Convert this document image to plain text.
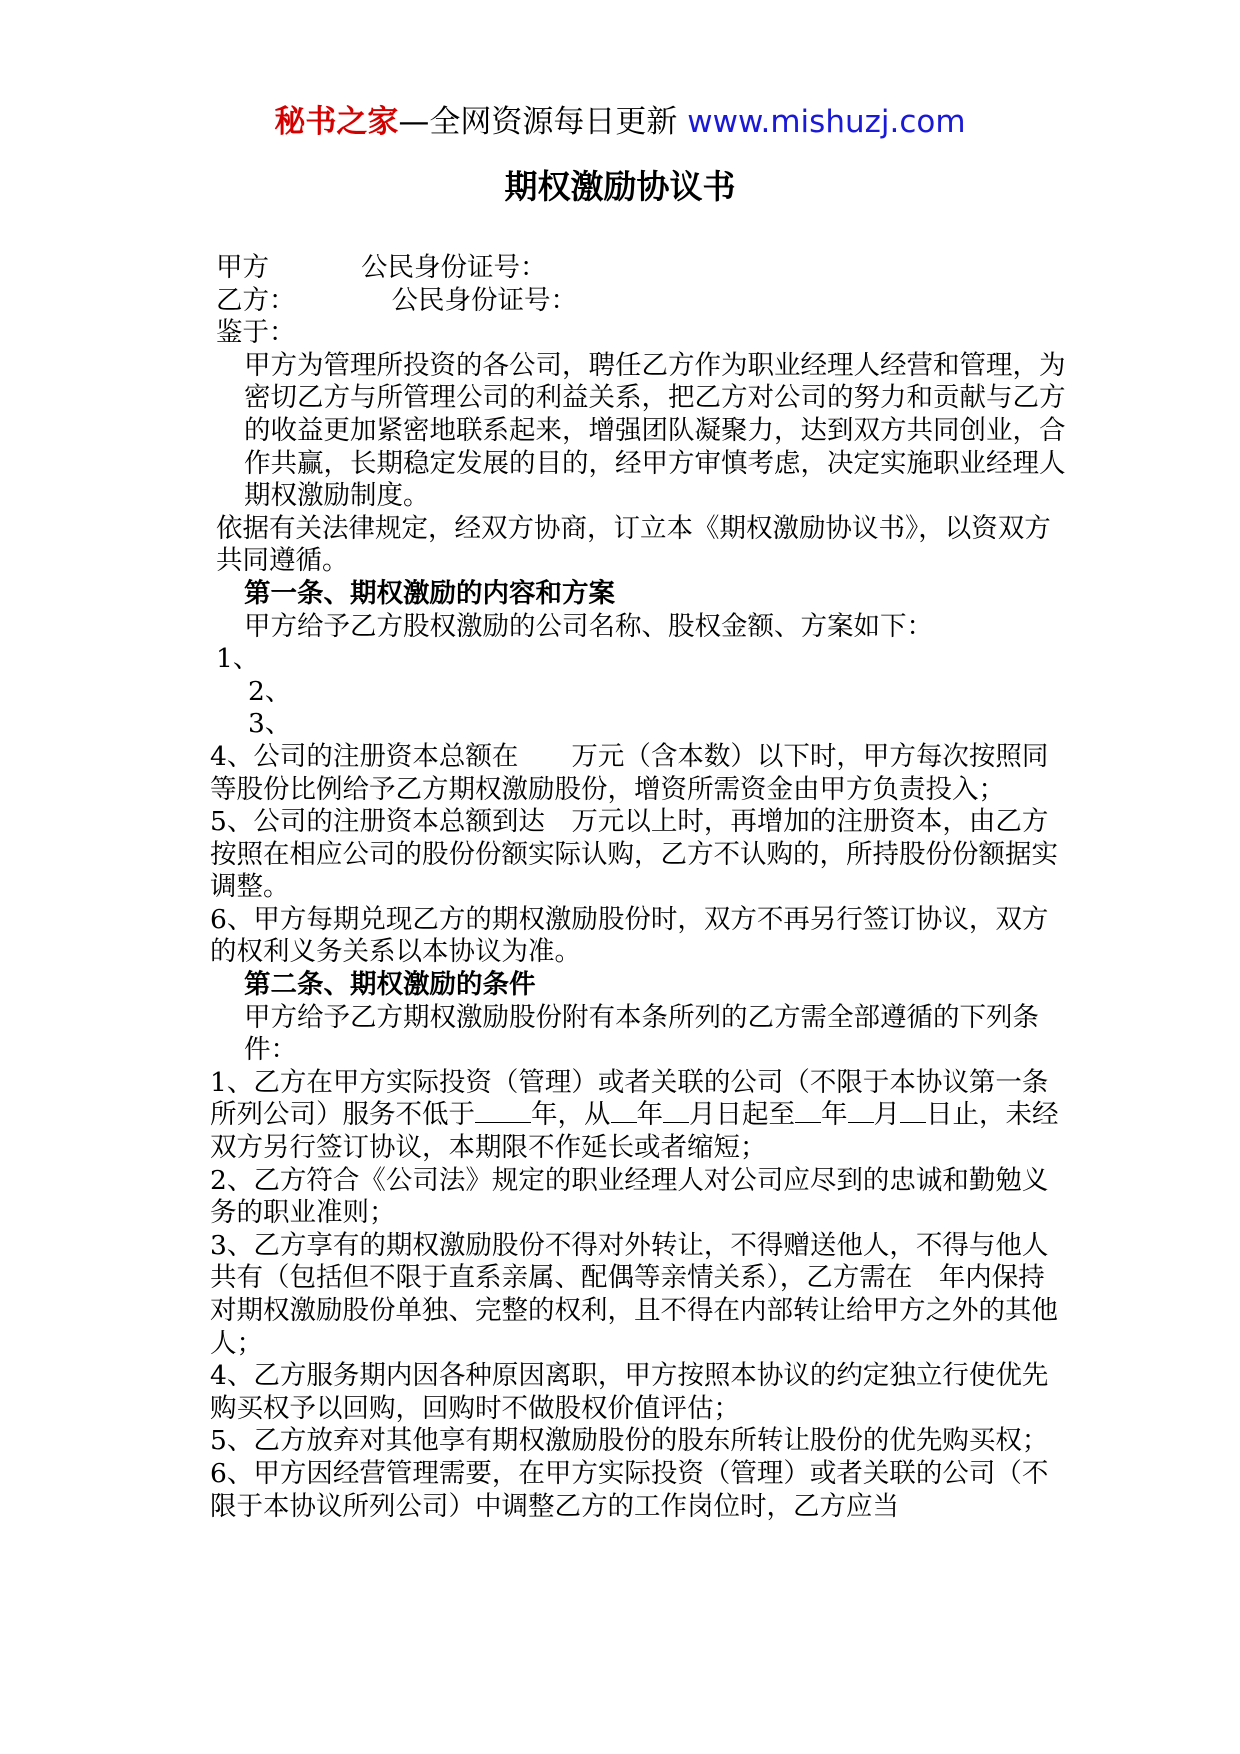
秘书之家—全网资源每日更新 www.mishuzj.com
期权激励协议书

甲方	公民身份证号：

乙方：	公民身份证号：

鉴于：

甲方为管理所投资的各公司，聘任乙方作为职业经理人经营和管理，为密切乙方与所管理公司的利益关系，把乙方对公司的努力和贡献与乙方的收益更加紧密地联系起来，增强团队凝聚力，达到双方共同创业，合作共赢，长期稳定发展的目的，经甲方审慎考虑，决定实施职业经理人期权激励制度。

依据有关法律规定，经双方协商，订立本《期权激励协议书》，以资双方共同遵循。

第一条、期权激励的内容和方案

甲方给予乙方股权激励的公司名称、股权金额、方案如下：

1、

2、

3、

4、公司的注册资本总额在　　万元（含本数）以下时，甲方每次按照同等股份比例给予乙方期权激励股份，增资所需资金由甲方负责投入；

5、公司的注册资本总额到达　万元以上时，再增加的注册资本，由乙方按照在相应公司的股份份额实际认购，乙方不认购的，所持股份份额据实调整。

6、甲方每期兑现乙方的期权激励股份时，双方不再另行签订协议，双方的权利义务关系以本协议为准。

第二条、期权激励的条件

甲方给予乙方期权激励股份附有本条所列的乙方需全部遵循的下列条件：

1、乙方在甲方实际投资（管理）或者关联的公司（不限于本协议第一条所列公司）服务不低于 年，从 年 月日起至 年 月 日止，未经双方另行签订协议，本期限不作延长或者缩短；

2、乙方符合《公司法》规定的职业经理人对公司应尽到的忠诚和勤勉义务的职业准则；

3、乙方享有的期权激励股份不得对外转让，不得赠送他人，不得与他人共有（包括但不限于直系亲属、配偶等亲情关系），乙方需在　年内保持对期权激励股份单独、完整的权利，且不得在内部转让给甲方之外的其他人；

4、乙方服务期内因各种原因离职，甲方按照本协议的约定独立行使优先购买权予以回购，回购时不做股权价值评估；

5、乙方放弃对其他享有期权激励股份的股东所转让股份的优先购买权；

6、甲方因经营管理需要，在甲方实际投资（管理）或者关联的公司（不限于本协议所列公司）中调整乙方的工作岗位时，乙方应当
